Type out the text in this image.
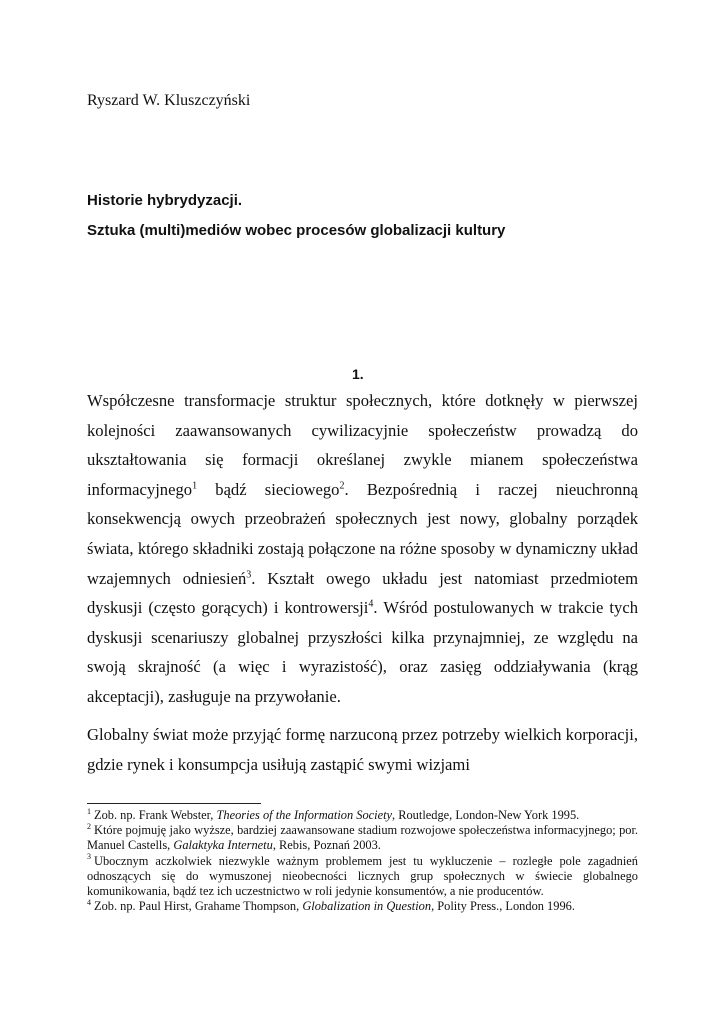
Ryszard W. Kluszczyński
Historie hybrydyzacji.
Sztuka (multi)mediów wobec procesów globalizacji kultury
1.

Współczesne transformacje struktur społecznych, które dotknęły w pierwszej kolejności zaawansowanych cywilizacyjnie społeczeństw prowadzą do ukształtowania się formacji określanej zwykle mianem społeczeństwa informacyjnego$^1$ bądź sieciowego$^2$. Bezpośrednią i raczej nieuchronną konsekwencją owych przeobrażeń społecznych jest nowy, globalny porządek świata, którego składniki zostają połączone na różne sposoby w dynamiczny układ wzajemnych odniesień$^3$. Kształt owego układu jest natomiast przedmiotem dyskusji (często gorących) i kontrowersji$^4$. Wśród postulowanych w trakcie tych dyskusji scenariuszy globalnej przyszłości kilka przynajmniej, ze względu na swoją skrajność (a więc i wyrazistość), oraz zasięg oddziaływania (krąg akceptacji), zasługuje na przywołanie.

Globalny świat może przyjąć formę narzuconą przez potrzeby wielkich korporacji, gdzie rynek i konsumpcja usiłują zastąpić swymi wizjami

$^1$ Zob. np. Frank Webster, Theories of the Information Society, Routledge, London-New York 1995.

$^2$ Które pojmuję jako wyższe, bardziej zaawansowane stadium rozwojowe społeczeństwa informacyjnego; por. Manuel Castells, Galaktyka Internetu, Rebis, Poznań 2003.

$^3$ Ubocznym aczkolwiek niezwykle ważnym problemem jest tu wykluczenie – rozległe pole zagadnień odnoszących się do wymuszonej nieobecności licznych grup społecznych w świecie globalnego komunikowania, bądź tez ich uczestnictwo w roli jedynie konsumentów, a nie producentów.

$^4$ Zob. np. Paul Hirst, Grahame Thompson, Globalization in Question, Polity Press., London 1996.
